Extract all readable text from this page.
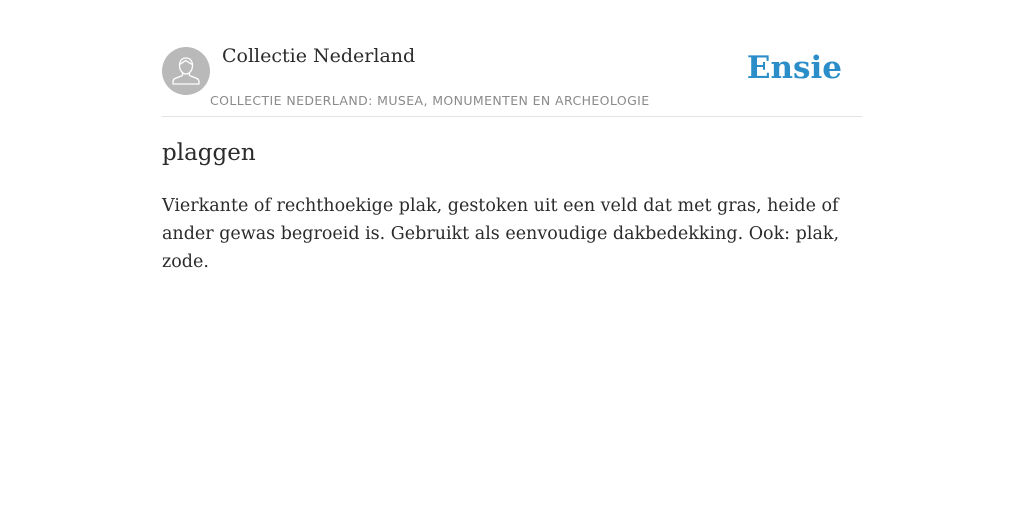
Collectie Nederland
COLLECTIE NEDERLAND: MUSEA, MONUMENTEN EN ARCHEOLOGIE
Ensie
plaggen

Vierkante of rechthoekige plak, gestoken uit een veld dat met gras, heide of ander gewas begroeid is. Gebruikt als eenvoudige dakbedekking. Ook: plak, zode.
